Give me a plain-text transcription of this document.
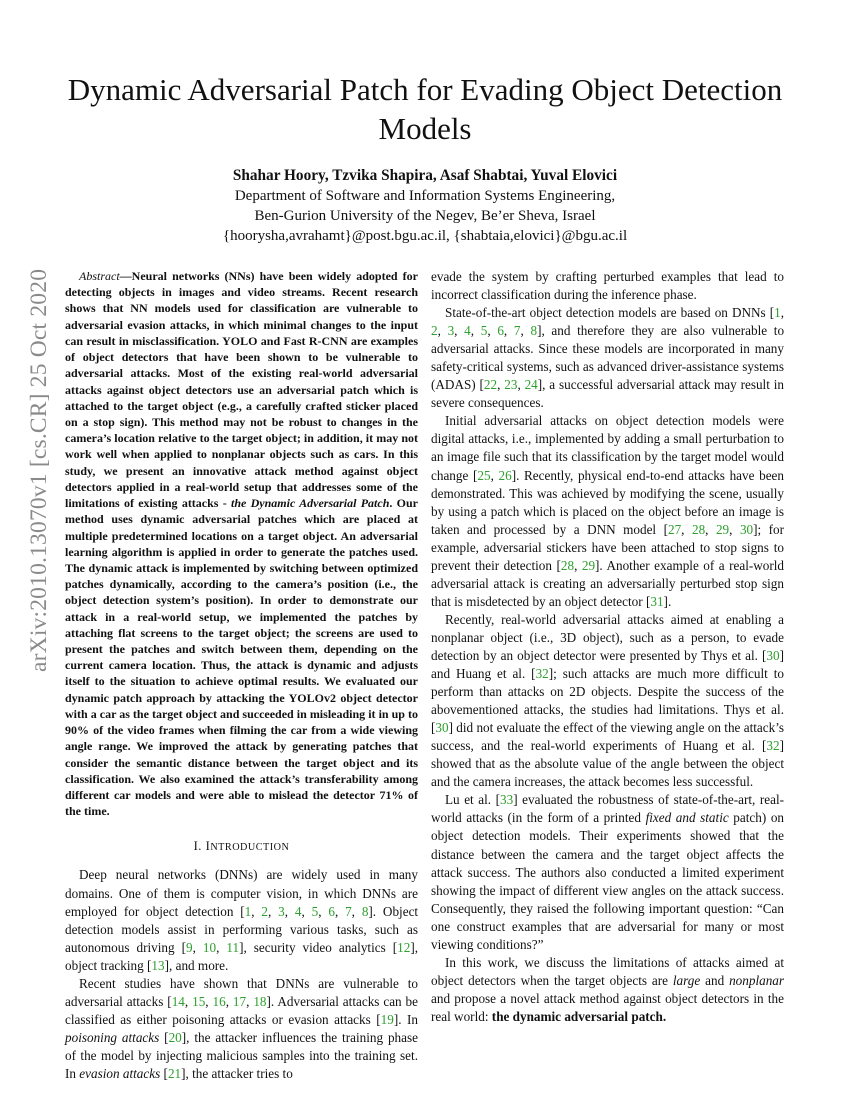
arXiv:2010.13070v1 [cs.CR] 25 Oct 2020
Dynamic Adversarial Patch for Evading Object Detection Models
Shahar Hoory, Tzvika Shapira, Asaf Shabtai, Yuval Elovici
Department of Software and Information Systems Engineering,
Ben-Gurion University of the Negev, Be’er Sheva, Israel
{hoorysha,avrahamt}@post.bgu.ac.il, {shabtaia,elovici}@bgu.ac.il

Abstract—Neural networks (NNs) have been widely adopted for detecting objects in images and video streams. Recent research shows that NN models used for classification are vulnerable to adversarial evasion attacks, in which minimal changes to the input can result in misclassification. YOLO and Fast R-CNN are examples of object detectors that have been shown to be vulnerable to adversarial attacks. Most of the existing real-world adversarial attacks against object detectors use an adversarial patch which is attached to the target object (e.g., a carefully crafted sticker placed on a stop sign). This method may not be robust to changes in the camera’s location relative to the target object; in addition, it may not work well when applied to nonplanar objects such as cars. In this study, we present an innovative attack method against object detectors applied in a real-world setup that addresses some of the limitations of existing attacks - the Dynamic Adversarial Patch. Our method uses dynamic adversarial patches which are placed at multiple predetermined locations on a target object. An adversarial learning algorithm is applied in order to generate the patches used. The dynamic attack is implemented by switching between optimized patches dynamically, according to the camera’s position (i.e., the object detection system’s position). In order to demonstrate our attack in a real-world setup, we implemented the patches by attaching flat screens to the target object; the screens are used to present the patches and switch between them, depending on the current camera location. Thus, the attack is dynamic and adjusts itself to the situation to achieve optimal results. We evaluated our dynamic patch approach by attacking the YOLOv2 object detector with a car as the target object and succeeded in misleading it in up to 90% of the video frames when filming the car from a wide viewing angle range. We improved the attack by generating patches that consider the semantic distance between the target object and its classification. We also examined the attack’s transferability among different car models and were able to mislead the detector 71% of the time.

I. INTRODUCTION

Deep neural networks (DNNs) are widely used in many domains. One of them is computer vision, in which DNNs are employed for object detection [1, 2, 3, 4, 5, 6, 7, 8]. Object detection models assist in performing various tasks, such as autonomous driving [9, 10, 11], security video analytics [12], object tracking [13], and more.

Recent studies have shown that DNNs are vulnerable to adversarial attacks [14, 15, 16, 17, 18]. Adversarial attacks can be classified as either poisoning attacks or evasion attacks [19]. In poisoning attacks [20], the attacker influences the training phase of the model by injecting malicious samples into the training set. In evasion attacks [21], the attacker tries to

evade the system by crafting perturbed examples that lead to incorrect classification during the inference phase.

State-of-the-art object detection models are based on DNNs [1, 2, 3, 4, 5, 6, 7, 8], and therefore they are also vulnerable to adversarial attacks. Since these models are incorporated in many safety-critical systems, such as advanced driver-assistance systems (ADAS) [22, 23, 24], a successful adversarial attack may result in severe consequences.

Initial adversarial attacks on object detection models were digital attacks, i.e., implemented by adding a small perturbation to an image file such that its classification by the target model would change [25, 26]. Recently, physical end-to-end attacks have been demonstrated. This was achieved by modifying the scene, usually by using a patch which is placed on the object before an image is taken and processed by a DNN model [27, 28, 29, 30]; for example, adversarial stickers have been attached to stop signs to prevent their detection [28, 29]. Another example of a real-world adversarial attack is creating an adversarially perturbed stop sign that is misdetected by an object detector [31].

Recently, real-world adversarial attacks aimed at enabling a nonplanar object (i.e., 3D object), such as a person, to evade detection by an object detector were presented by Thys et al. [30] and Huang et al. [32]; such attacks are much more difficult to perform than attacks on 2D objects. Despite the success of the abovementioned attacks, the studies had limitations. Thys et al. [30] did not evaluate the effect of the viewing angle on the attack’s success, and the real-world experiments of Huang et al. [32] showed that as the absolute value of the angle between the object and the camera increases, the attack becomes less successful.

Lu et al. [33] evaluated the robustness of state-of-the-art, real-world attacks (in the form of a printed fixed and static patch) on object detection models. Their experiments showed that the distance between the camera and the target object affects the attack success. The authors also conducted a limited experiment showing the impact of different view angles on the attack success. Consequently, they raised the following important question: “Can one construct examples that are adversarial for many or most viewing conditions?”

In this work, we discuss the limitations of attacks aimed at object detectors when the target objects are large and nonplanar and propose a novel attack method against object detectors in the real world: the dynamic adversarial patch.
